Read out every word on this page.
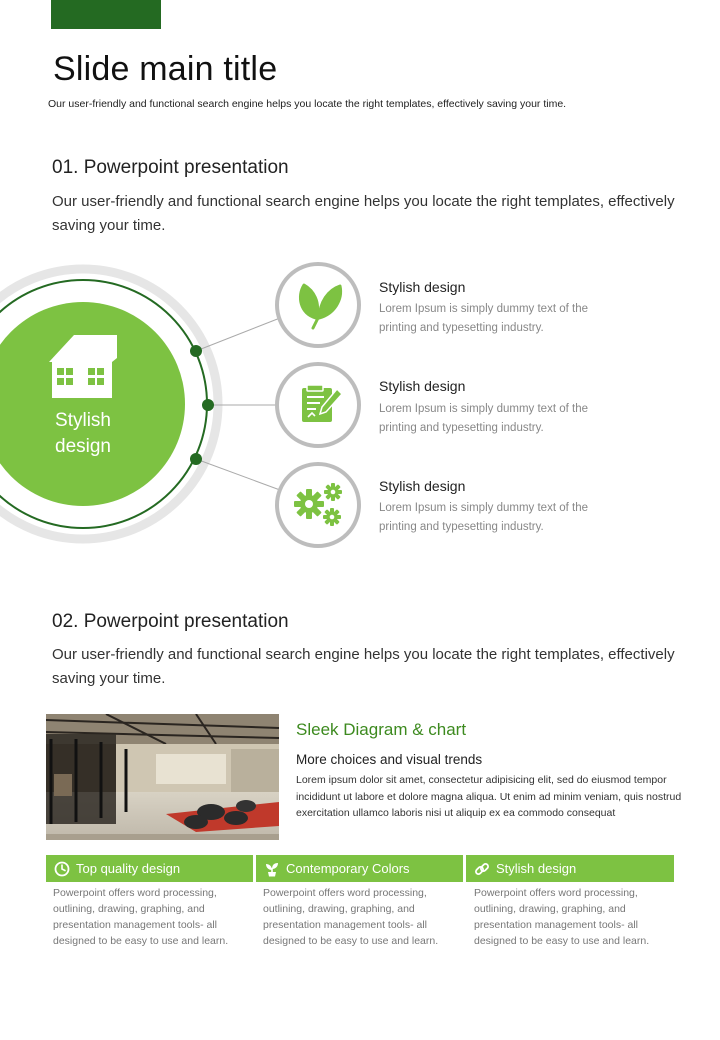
Slide main title
Our user-friendly and functional search engine helps you locate the right templates, effectively saving your time.
01. Powerpoint presentation
Our user-friendly and functional search engine helps you locate the right templates, effectively saving your time.
Stylish
design
Stylish design
Lorem Ipsum is simply dummy text of the printing and typesetting industry.
Stylish design
Lorem Ipsum is simply dummy text of the printing and typesetting industry.
Stylish design
Lorem Ipsum is simply dummy text of the printing and typesetting industry.
02. Powerpoint presentation
Our user-friendly and functional search engine helps you locate the right templates, effectively saving your time.
Sleek Diagram & chart
More choices and visual trends
Lorem ipsum dolor sit amet, consectetur adipisicing elit, sed do eiusmod tempor incididunt ut labore et dolore magna aliqua. Ut enim ad minim veniam, quis nostrud exercitation ullamco laboris nisi ut aliquip ex ea commodo consequat
Top quality design	Contemporary Colors	Stylish design
Powerpoint offers word processing, outlining, drawing, graphing, and presentation management tools- all designed to be easy to use and learn.
Powerpoint offers word processing, outlining, drawing, graphing, and presentation management tools- all designed to be easy to use and learn.
Powerpoint offers word processing, outlining, drawing, graphing, and presentation management tools- all designed to be easy to use and learn.
